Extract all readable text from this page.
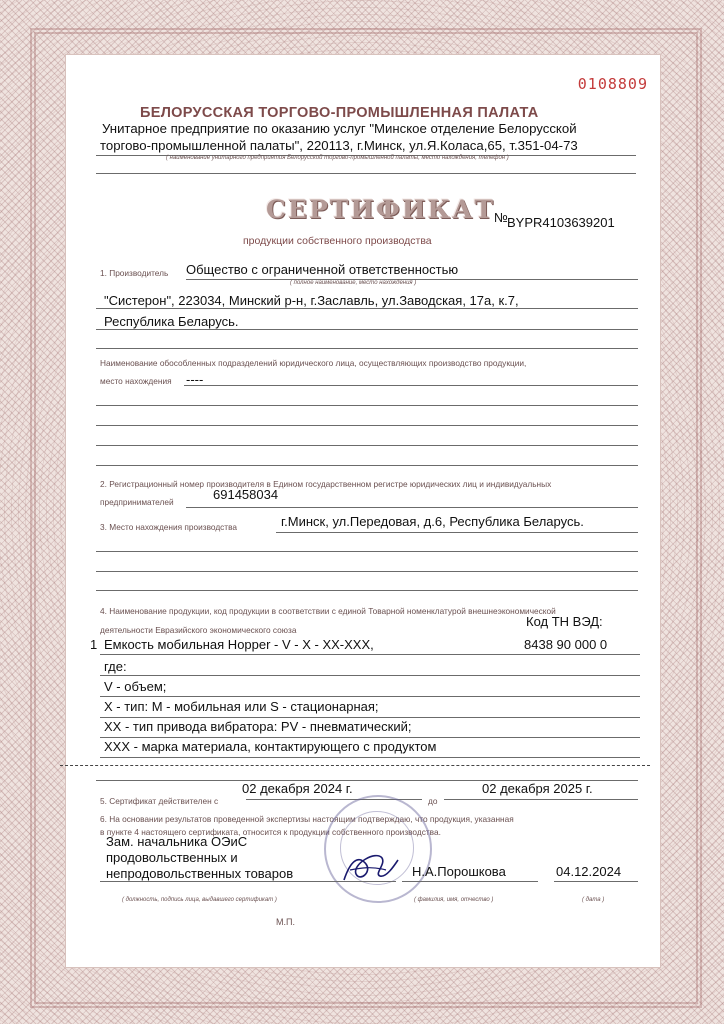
0108809
БЕЛОРУССКАЯ ТОРГОВО-ПРОМЫШЛЕННАЯ ПАЛАТА
Унитарное предприятие по оказанию услуг "Минское отделение Белорусской
торгово-промышленной палаты", 220113, г.Минск, ул.Я.Коласа,65, т.351-04-73
( наименование унитарного предприятия Белорусской торгово-промышленной палаты, место нахождения, телефон )
СЕРТИФИКАТ
№ BYPR4103639201
продукции собственного производства
1. Производитель Общество с ограниченной ответственностью
( полное наименование, место нахождения )
"Систерон", 223034, Минский р-н, г.Заславль, ул.Заводская, 17а, к.7,
Республика Беларусь.
Наименование обособленных подразделений юридического лица, осуществляющих производство продукции,
место нахождения ----
2. Регистрационный номер производителя в Едином государственном регистре юридических лиц и индивидуальных
предпринимателей	691458034
3. Место нахождения производства	г.Минск, ул.Передовая, д.6, Республика Беларусь.
4. Наименование продукции, код продукции в соответствии с единой Товарной номенклатурой внешнеэкономической
деятельности Евразийского экономического союза
Код ТН ВЭД:
1 Емкость мобильная Hopper - V - X - XX-XXX,	8438 90 000 0
где:
V - объем;
X - тип: M - мобильная или S - стационарная;
XX - тип привода вибратора: PV - пневматический;
XXX - марка материала, контактирующего с продуктом
02 декабря 2024 г.	02 декабря 2025 г.
5. Сертификат действителен с	до
6. На основании результатов проведенной экспертизы настоящим подтверждаю, что продукция, указанная
в пункте 4 настоящего сертификата, относится к продукции собственного производства.
Зам. начальника ОЭиС
продовольственных и
непродовольственных товаров	Н.А.Порошкова	04.12.2024
( должность, подпись лица, выдавшего сертификат )	( фамилия, имя, отчество )	( дата )
М.П.
